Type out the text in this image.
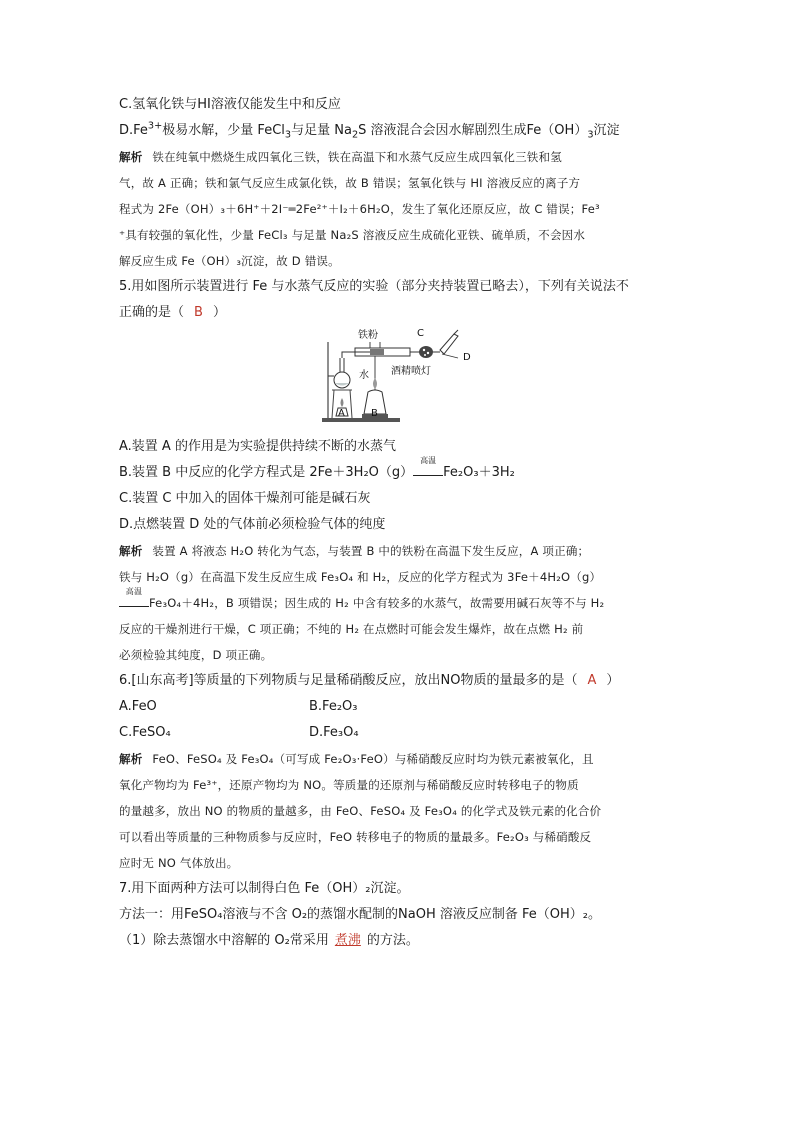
C.氢氧化铁与HI溶液仅能发生中和反应
$D.Fe^{3+}$极易水解，少量 FeCl$_3$与足量 $Na_2S$ 溶液混合会因水解剧烈生成$Fe(OH)_3$沉淀
解析 铁在纯氧中燃烧生成四氧化三铁，铁在高温下和水蒸气反应生成四氧化三铁和氢
气，故 A 正确；铁和氯气反应生成氯化铁，故 B 错误；氢氧化铁与 HI 溶液反应的离子方
程式为 2Fe（OH）₃＋6H⁺＋2I⁻═2Fe²⁺＋I₂＋6H₂O，发生了氧化还原反应，故 C 错误；Fe³
⁺具有较强的氧化性，少量 FeCl₃ 与足量 Na₂S 溶液反应生成硫化亚铁、硫单质，不会因水
解反应生成 Fe（OH）₃沉淀，故 D 错误。
5.用如图所示装置进行 Fe 与水蒸气反应的实验（部分夹持装置已略去），下列有关说法不
正确的是（ B ）
铁粉	C
D
水 酒精喷灯
A	B
A.装置 A 的作用是为实验提供持续不断的水蒸气
B.装置 B 中反应的化学方程式是 2Fe＋3H₂O（g）
高温
Fe₂O₃＋3H₂
C.装置 C 中加入的固体干燥剂可能是碱石灰
D.点燃装置 D 处的气体前必须检验气体的纯度
解析 装置 A 将液态 H₂O 转化为气态，与装置 B 中的铁粉在高温下发生反应，A 项正确；
铁与 H₂O（g）在高温下发生反应生成 Fe₃O₄ 和 H₂，反应的化学方程式为 3Fe＋4H₂O（g）
高温
Fe₃O₄＋4H₂，B 项错误；因生成的 H₂ 中含有较多的水蒸气，故需要用碱石灰等不与 H₂
反应的干燥剂进行干燥，C 项正确；不纯的 H₂ 在点燃时可能会发生爆炸，故在点燃 H₂ 前
必须检验其纯度，D 项正确。
6.[山东高考]等质量的下列物质与足量稀硝酸反应，放出NO物质的量最多的是（ A ）
A.FeO	B.Fe₂O₃
C.FeSO₄	D.Fe₃O₄
解析 FeO、FeSO₄ 及 Fe₃O₄（可写成 Fe₂O₃·FeO）与稀硝酸反应时均为铁元素被氧化，且
氧化产物均为 Fe³⁺，还原产物均为 NO。等质量的还原剂与稀硝酸反应时转移电子的物质
的量越多，放出 NO 的物质的量越多，由 FeO、FeSO₄ 及 Fe₃O₄ 的化学式及铁元素的化合价
可以看出等质量的三种物质参与反应时，FeO 转移电子的物质的量最多。Fe₂O₃ 与稀硝酸反
应时无 NO 气体放出。
7.用下面两种方法可以制得白色 Fe（OH）₂沉淀。
方法一：用FeSO₄溶液与不含 O₂的蒸馏水配制的NaOH 溶液反应制备 Fe（OH）₂。
（1）除去蒸馏水中溶解的 O₂常采用 煮沸 的方法。
